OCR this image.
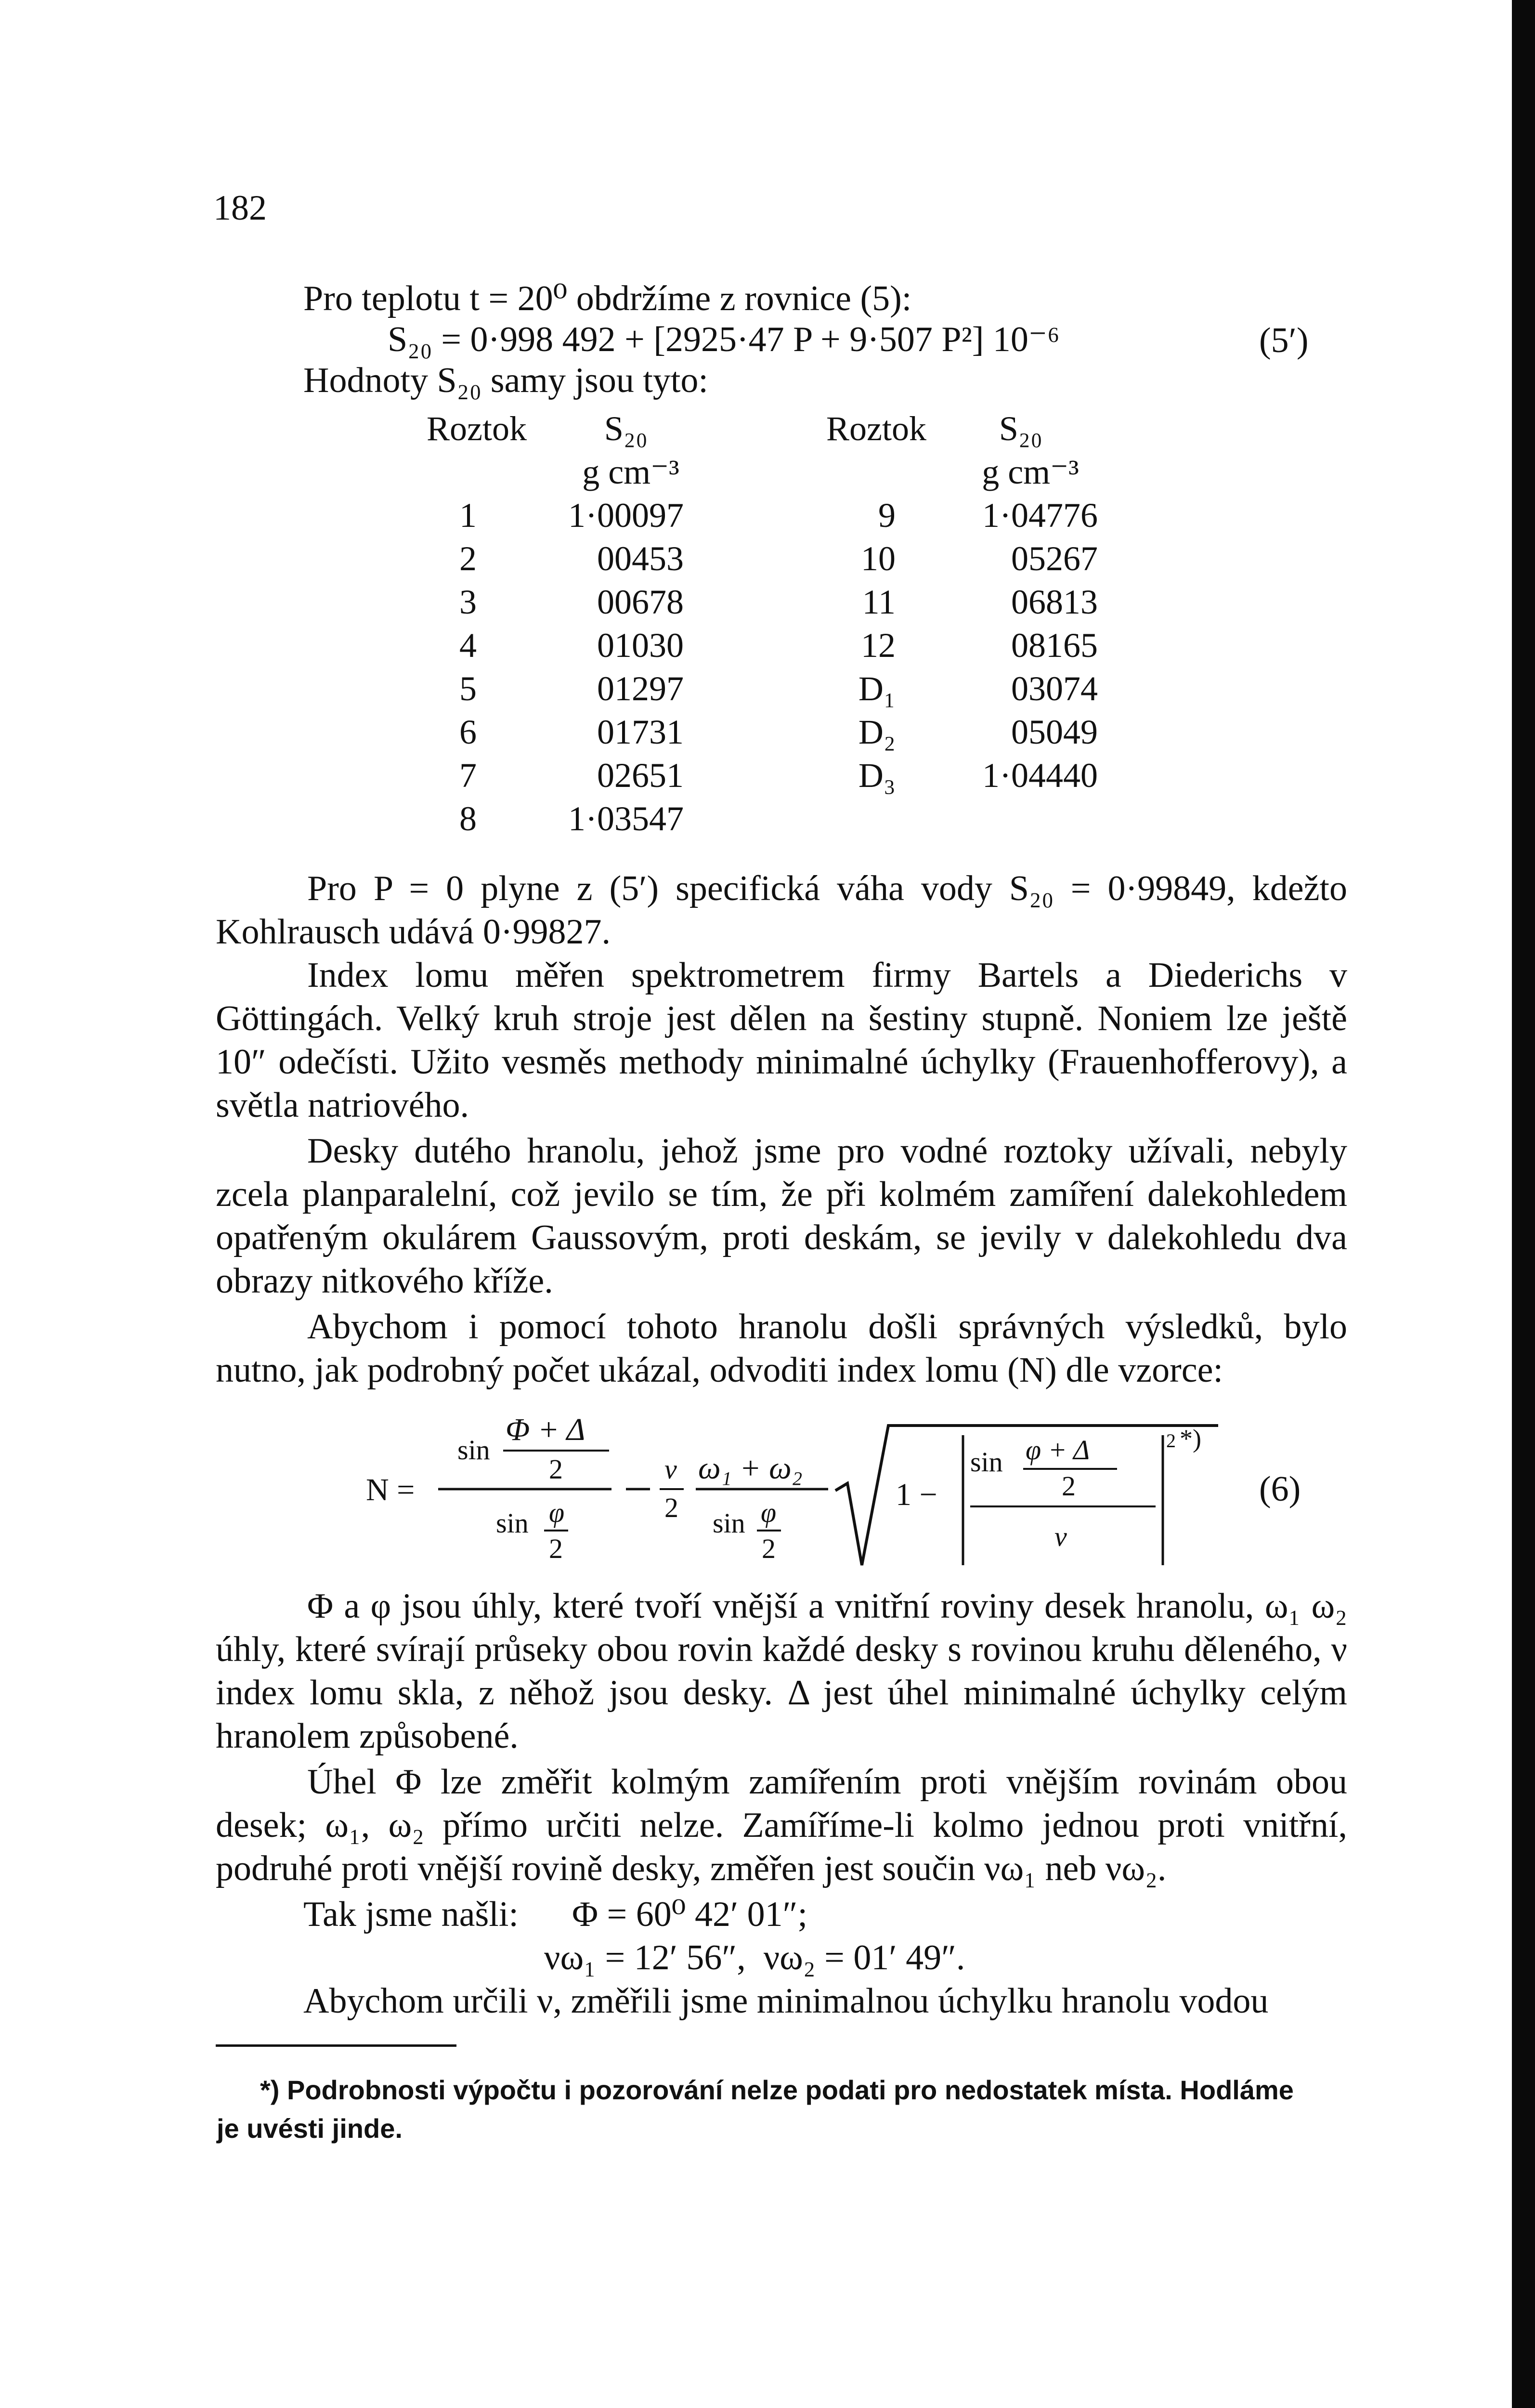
182
Pro teplotu t = 20⁰ obdržíme z rovnice (5):
S₂₀ = 0·998 492 + [2925·47 P + 9·507 P²] 10⁻⁶	(5′)
Hodnoty S₂₀ samy jsou tyto:
Roztok	S₂₀	Roztok	S₂₀
g cm⁻³	g cm⁻³
1	1·00097	9	1·04776
2	00453	10	05267
3	00678	11	06813
4	01030	12	08165
5	01297	D₁	03074
6	01731	D₂	05049
7	02651	D₃	1·04440
8	1·03547
Pro P = 0 plyne z (5′) specifická váha vody S₂₀ = 0·99849, kdežto Kohlrausch udává 0·99827.
Index lomu měřen spektrometrem firmy Bartels a Diederichs v Göttingách. Velký kruh stroje jest dělen na šestiny stupně. Noniem lze ještě 10″ odečísti. Užito vesměs methody minimalné úchylky (Frauenhofferovy), a světla natriového.
Desky dutého hranolu, jehož jsme pro vodné roztoky užívali, nebyly zcela planparalelní, což jevilo se tím, že při kolmém zamíření dalekohledem opatřeným okulárem Gaussovým, proti deskám, se jevily v dalekohledu dva obrazy nitkového kříže.
Abychom i pomocí tohoto hranolu došli správných výsledků, bylo nutno, jak podrobný počet ukázal, odvoditi index lomu (N) dle vzorce:
N =
sin
Φ + Δ
2
sin φ
2
ν
2
ω₁ + ω₂
sin φ
2
1 −
sin φ + Δ
2
ν
2 *)
(6)
Φ a φ jsou úhly, které tvoří vnější a vnitřní roviny desek hranolu, ω₁ ω₂ úhly, které svírají průseky obou rovin každé desky s rovinou kruhu děleného, ν index lomu skla, z něhož jsou desky. Δ jest úhel minimalné úchylky celým hranolem způsobené.
Úhel Φ lze změřit kolmým zamířením proti vnějším rovinám obou desek; ω₁, ω₂ přímo určiti nelze. Zamíříme-li kolmo jednou proti vnitřní, podruhé proti vnější rovině desky, změřen jest součin νω₁ neb νω₂.
Tak jsme našli:      Φ = 60⁰ 42′ 01″;
νω₁ = 12′ 56″,  νω₂ = 01′ 49″.
Abychom určili ν, změřili jsme minimalnou úchylku hranolu vodou
*) Podrobnosti výpočtu i pozorování nelze podati pro nedostatek místa. Hodláme
je uvésti jinde.
